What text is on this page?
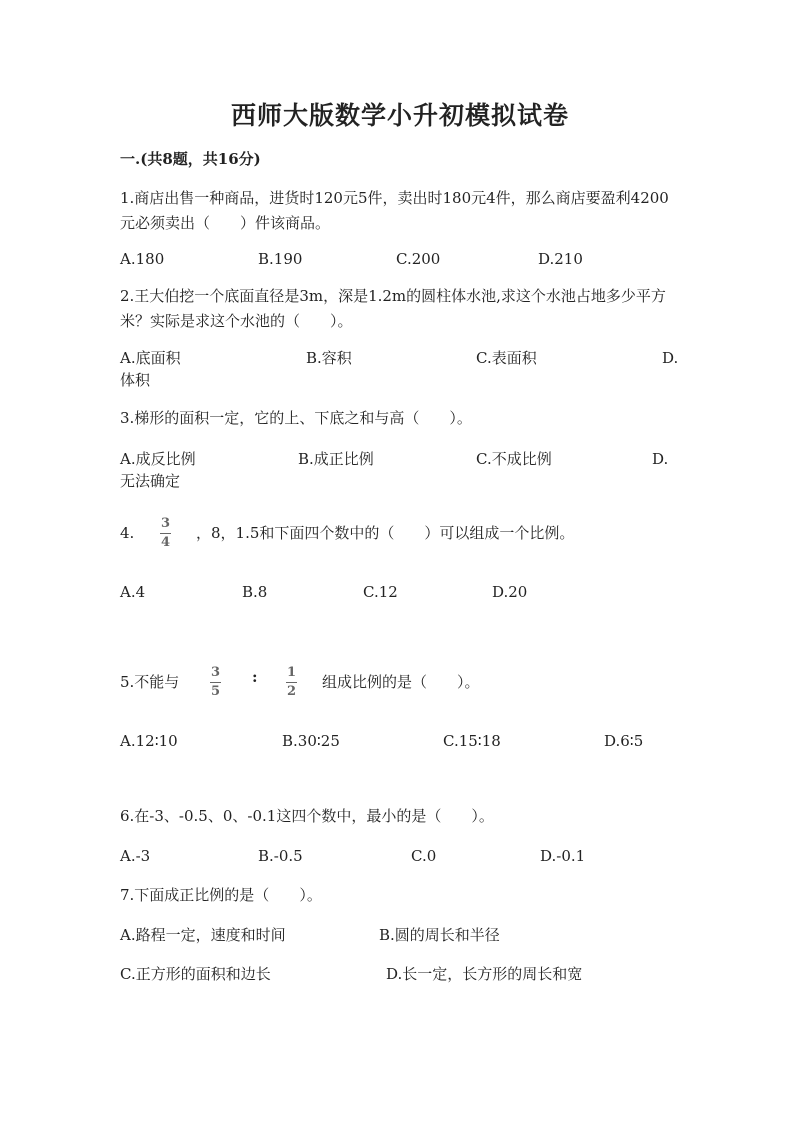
西师大版数学小升初模拟试卷
一.(共8题，共16分)
1.商店出售一种商品，进货时120元5件，卖出时180元4件，那么商店要盈利4200元必须卖出（　　）件该商品。
A.180	B.190	C.200	D.210
2.王大伯挖一个底面直径是3m，深是1.2m的圆柱体水池,求这个水池占地多少平方米？实际是求这个水池的（　　）。
A.底面积	B.容积	C.表面积	D.
体积
3.梯形的面积一定，它的上、下底之和与高（　　）。
A.成反比例	B.成正比例	C.不成比例	D.
无法确定
4.
3
4
，8，1.5和下面四个数中的（　　）可以组成一个比例。
A.4	B.8	C.12	D.20
5.不能与
3
5
: 1
2
组成比例的是（　　）。
A.12∶10	B.30∶25	C.15∶18	D.6∶5
6.在-3、-0.5、0、-0.1这四个数中，最小的是（　　）。
A.-3	B.-0.5	C.0	D.-0.1
7.下面成正比例的是（　　）。
A.路程一定，速度和时间	B.圆的周长和半径
C.正方形的面积和边长	D.长一定，长方形的周长和宽
